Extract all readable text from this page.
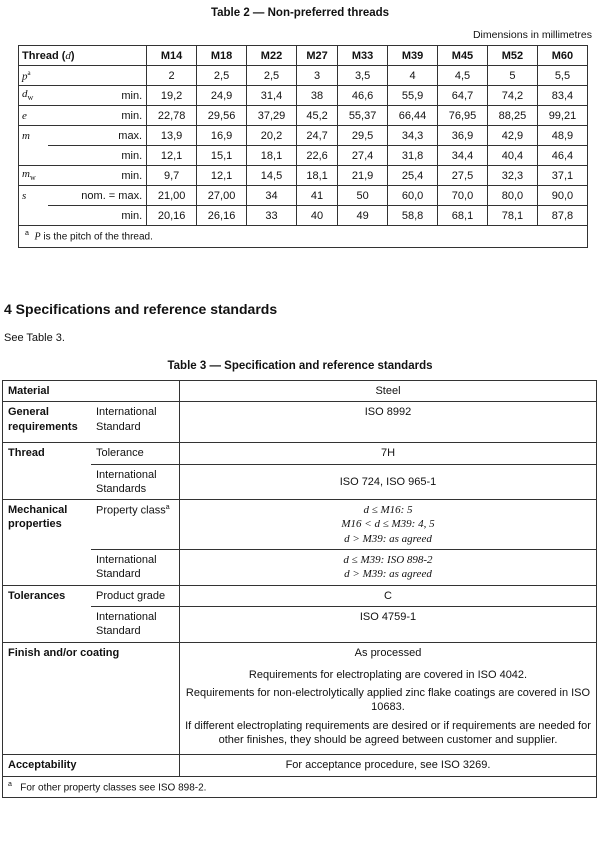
Table 2 — Non-preferred threads
Dimensions in millimetres
Thread (d)		M14	M18	M22	M27	M33	M39	M45	M52	M60
$p^a$		2	2,5	2,5	3	3,5	4	4,5	5	5,5
$d_w$	min.	19,2	24,9	31,4	38	46,6	55,9	64,7	74,2	83,4
e	min.	22,78	29,56	37,29	45,2	55,37	66,44	76,95	88,25	99,21
m	max.	13,9	16,9	20,2	24,7	29,5	34,3	36,9	42,9	48,9
	min.	12,1	15,1	18,1	22,6	27,4	31,8	34,4	40,4	46,4
$m_w$	min.	9,7	12,1	14,5	18,1	21,9	25,4	27,5	32,3	37,1
s	nom. = max.	21,00	27,00	34	41	50	60,0	70,0	80,0	90,0
	min.	20,16	26,16	33	40	49	58,8	68,1	78,1	87,8
$^a$ P is the pitch of the thread.										
4 Specifications and reference standards
See Table 3.
Table 3 — Specification and reference standards
Material		Steel
General requirements	International Standard	ISO 8992
Thread	Tolerance	7H
	International Standards	ISO 724, ISO 965-1
Mechanical properties	Property class$^a$	d ≤ M16: 5
M16 < d ≤ M39: 4, 5
d > M39: as agreed

	International Standard	d ≤ M39: ISO 898-2
d > M39: as agreed

Tolerances	Product grade	C
	International Standard	ISO 4759-1
Finish and/or coating		As processed
Requirements for electroplating are covered in ISO 4042.
Requirements for non-electrolytically applied zinc flake coatings are covered in ISO 10683.
If different electroplating requirements are desired or if requirements are needed for other finishes, they should be agreed between customer and supplier.

Acceptability		For acceptance procedure, see ISO 3269.
$^a$ For other property classes see ISO 898-2.		
